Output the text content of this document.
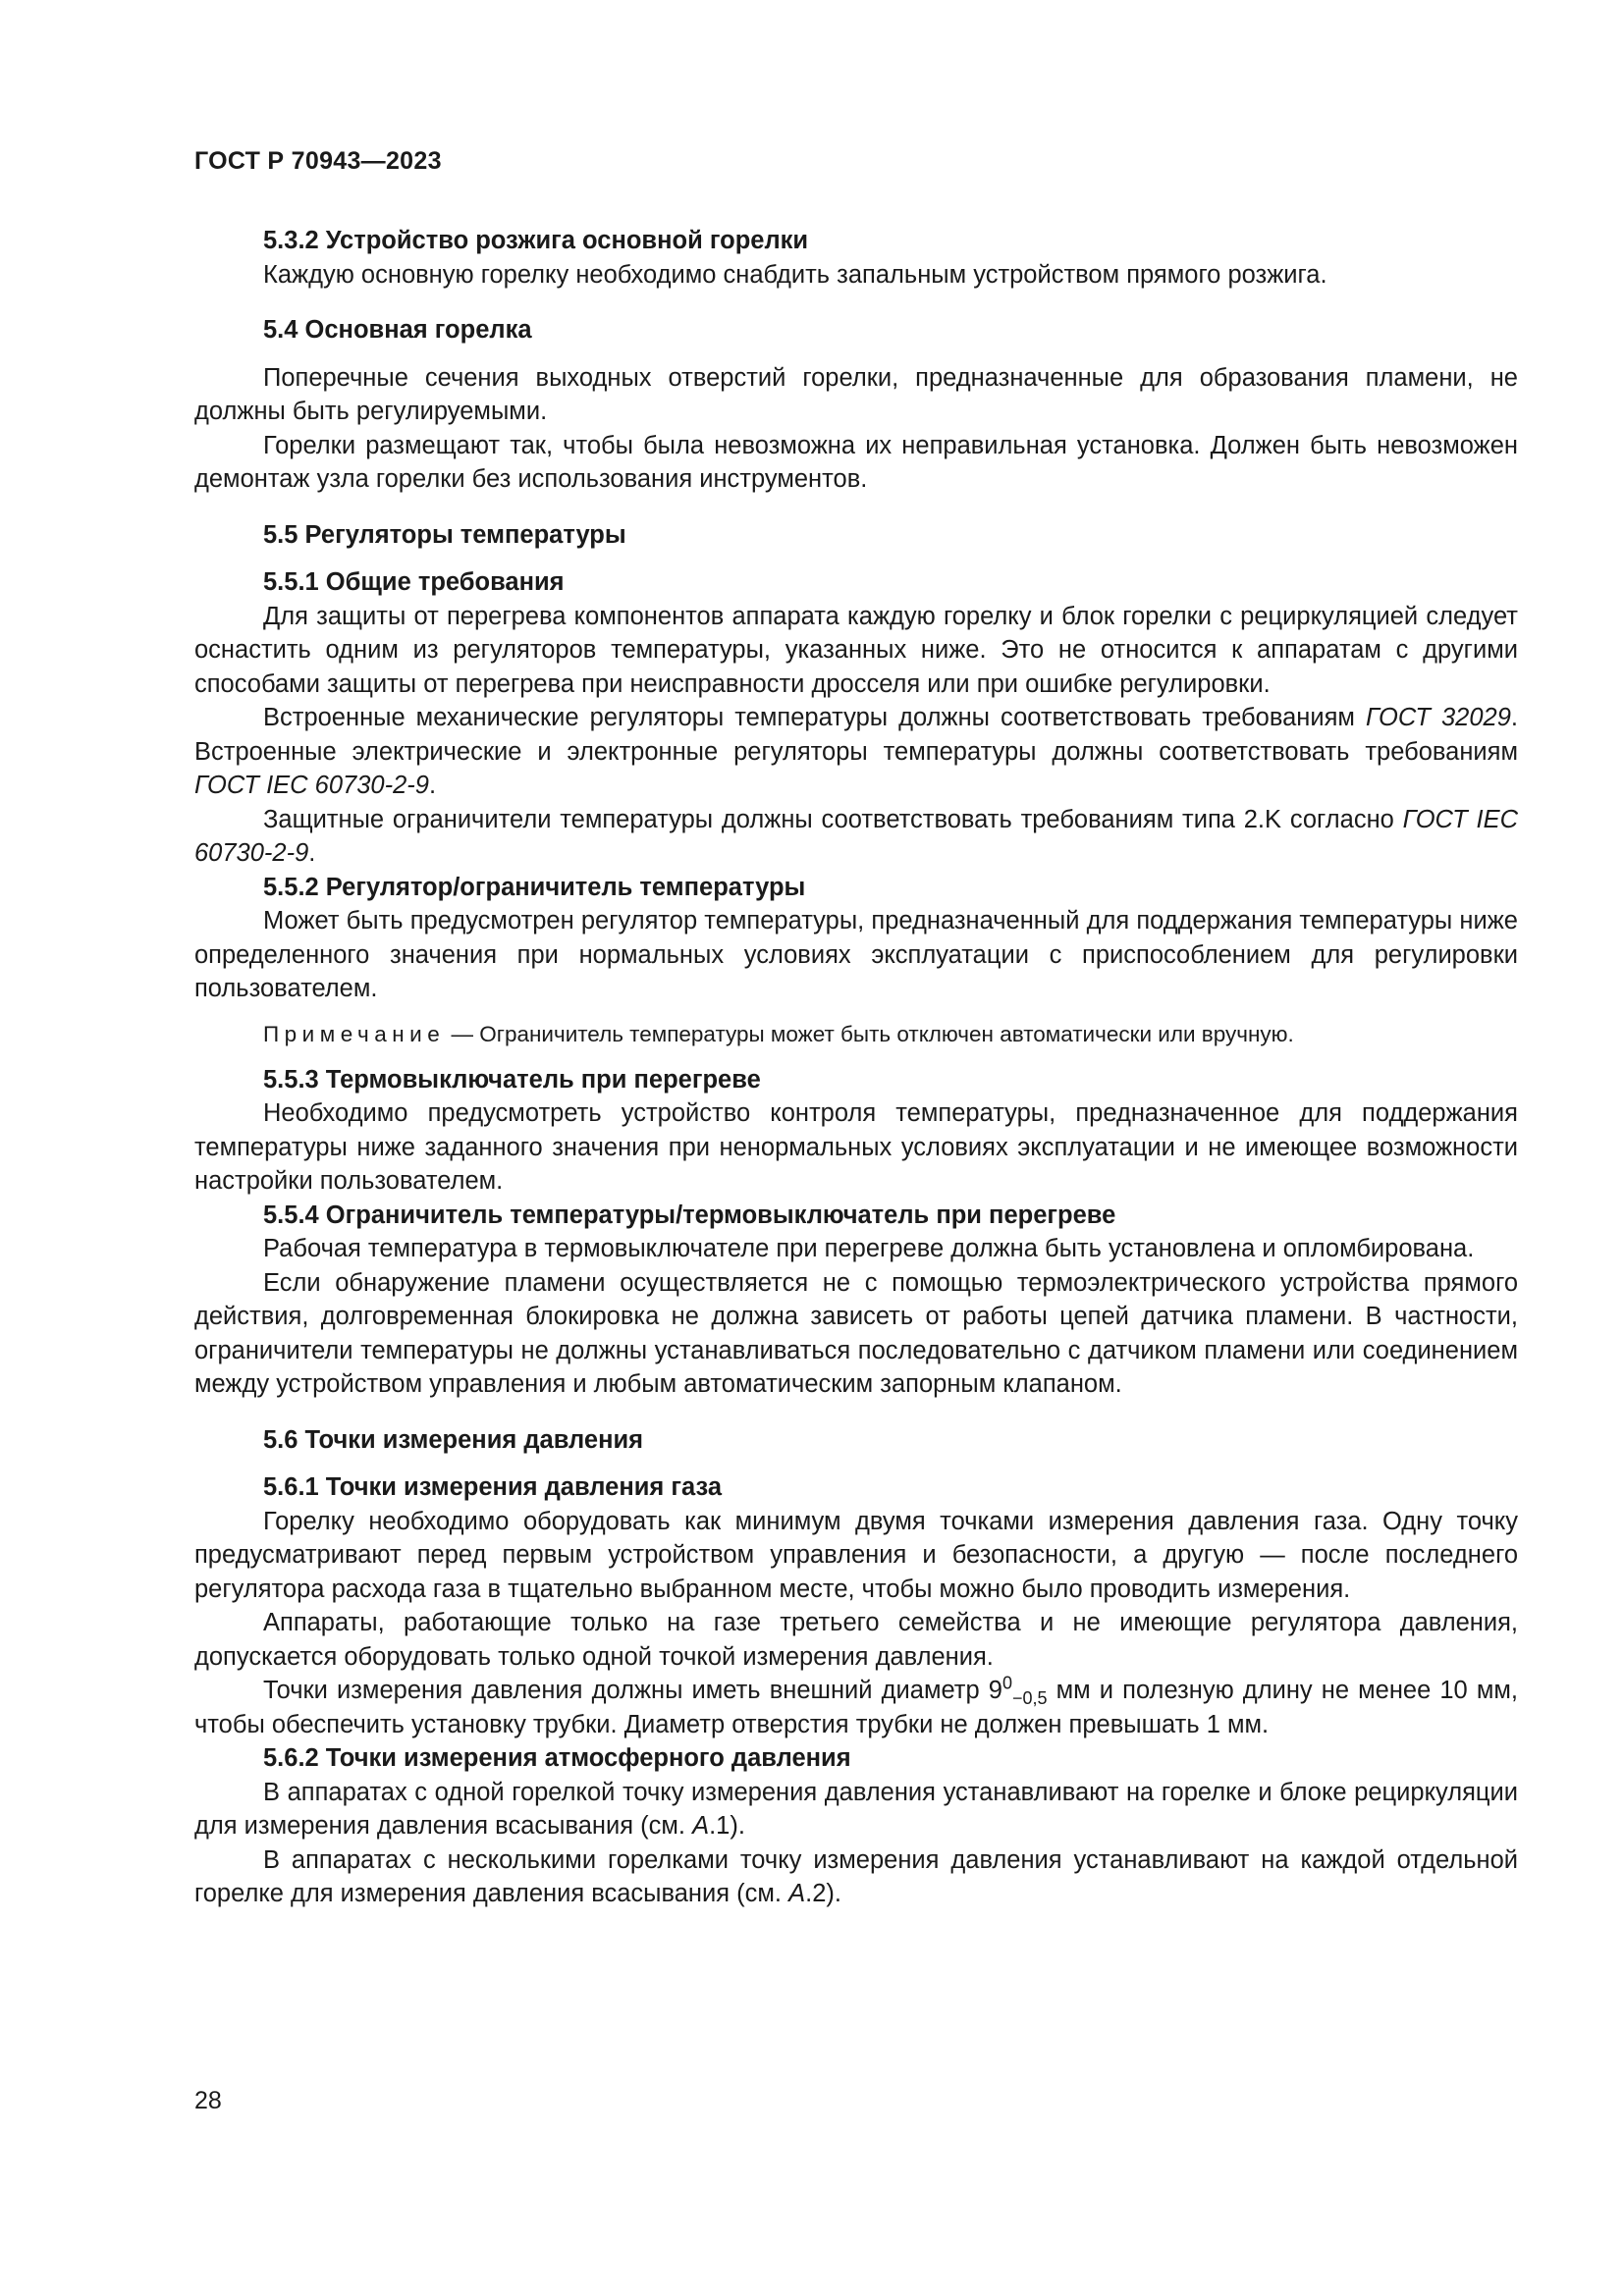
ГОСТ Р 70943—2023

5.3.2 Устройство розжига основной горелки

Каждую основную горелку необходимо снабдить запальным устройством прямого розжига.

5.4 Основная горелка

Поперечные сечения выходных отверстий горелки, предназначенные для образования пламени, не должны быть регулируемыми.

Горелки размещают так, чтобы была невозможна их неправильная установка. Должен быть невозможен демонтаж узла горелки без использования инструментов.

5.5 Регуляторы температуры

5.5.1 Общие требования

Для защиты от перегрева компонентов аппарата каждую горелку и блок горелки с рециркуляцией следует оснастить одним из регуляторов температуры, указанных ниже. Это не относится к аппаратам с другими способами защиты от перегрева при неисправности дросселя или при ошибке регулировки.

Встроенные механические регуляторы температуры должны соответствовать требованиям ГОСТ 32029. Встроенные электрические и электронные регуляторы температуры должны соответствовать требованиям ГОСТ IEC 60730-2-9.

Защитные ограничители температуры должны соответствовать требованиям типа 2.K согласно ГОСТ IEC 60730-2-9.

5.5.2 Регулятор/ограничитель температуры

Может быть предусмотрен регулятор температуры, предназначенный для поддержания температуры ниже определенного значения при нормальных условиях эксплуатации с приспособлением для регулировки пользователем.

Примечание — Ограничитель температуры может быть отключен автоматически или вручную.

5.5.3 Термовыключатель при перегреве

Необходимо предусмотреть устройство контроля температуры, предназначенное для поддержания температуры ниже заданного значения при ненормальных условиях эксплуатации и не имеющее возможности настройки пользователем.

5.5.4 Ограничитель температуры/термовыключатель при перегреве

Рабочая температура в термовыключателе при перегреве должна быть установлена и опломбирована.

Если обнаружение пламени осуществляется не с помощью термоэлектрического устройства прямого действия, долговременная блокировка не должна зависеть от работы цепей датчика пламени. В частности, ограничители температуры не должны устанавливаться последовательно с датчиком пламени или соединением между устройством управления и любым автоматическим запорным клапаном.

5.6 Точки измерения давления

5.6.1 Точки измерения давления газа

Горелку необходимо оборудовать как минимум двумя точками измерения давления газа. Одну точку предусматривают перед первым устройством управления и безопасности, а другую — после последнего регулятора расхода газа в тщательно выбранном месте, чтобы можно было проводить измерения.

Аппараты, работающие только на газе третьего семейства и не имеющие регулятора давления, допускается оборудовать только одной точкой измерения давления.

Точки измерения давления должны иметь внешний диаметр $9^0_{-0,5}$ мм и полезную длину не менее 10 мм, чтобы обеспечить установку трубки. Диаметр отверстия трубки не должен превышать 1 мм.

5.6.2 Точки измерения атмосферного давления

В аппаратах с одной горелкой точку измерения давления устанавливают на горелке и блоке рециркуляции для измерения давления всасывания (см. А.1).

В аппаратах с несколькими горелками точку измерения давления устанавливают на каждой отдельной горелке для измерения давления всасывания (см. А.2).

28
